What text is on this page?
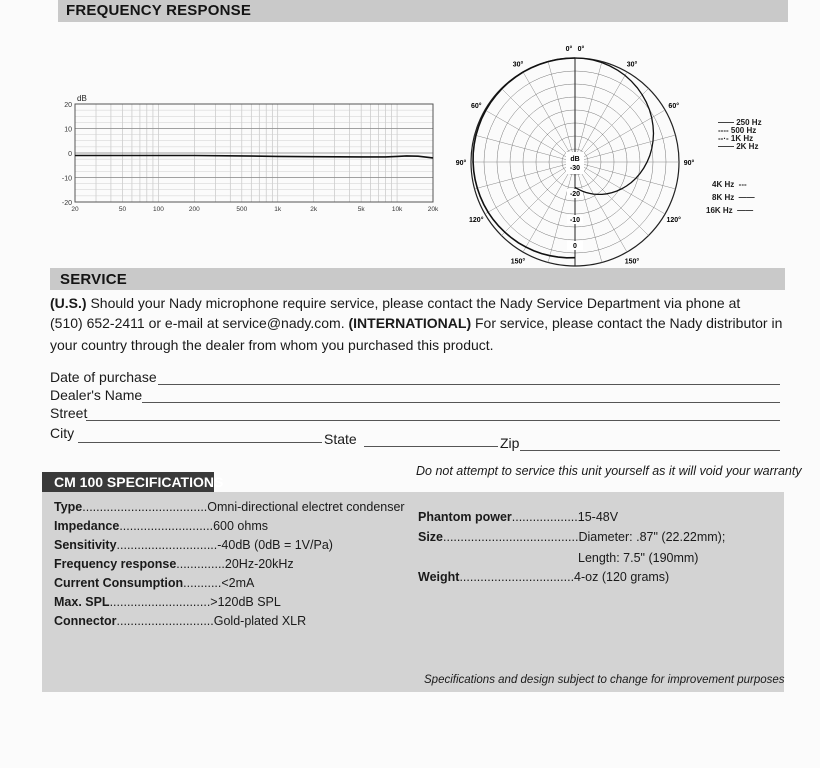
FREQUENCY RESPONSE
dB
20
10
0
-10
-20
20	50	100	200	500	1k	2k	5k	10k	20k
dB
-30
-20
-10
0
0°
30°
60°
90°
120°
150°
0°
30°
60°
90°
120°
150°
—— 250 Hz
---- 500 Hz
--·- 1K Hz
—— 2K Hz
4K Hz  ---
8K Hz  ——
16K Hz  ——
SERVICE
(U.S.) Should your Nady microphone require service, please contact the Nady Service Department via phone at
(510) 652-2411 or e-mail at service@nady.com. (INTERNATIONAL) For service, please contact the Nady distributor in
your country through the dealer from whom you purchased this product.
Date of purchase
Dealer's Name
Street
City	State	Zip
Do not attempt to service this unit yourself as it will void your warranty
CM 100 SPECIFICATIONS
Type....................................Omni-directional electret condenser
Impedance...........................600 ohms
Sensitivity.............................-40dB (0dB = 1V/Pa)
Frequency response..............20Hz-20kHz
Current Consumption...........<2mA
Max. SPL.............................>120dB SPL
Connector............................Gold-plated XLR
Phantom power...................15-48V
Size.......................................Diameter: .87" (22.22mm);
Length: 7.5" (190mm)
Weight.................................4-oz (120 grams)
Specifications and design subject to change for improvement purposes
